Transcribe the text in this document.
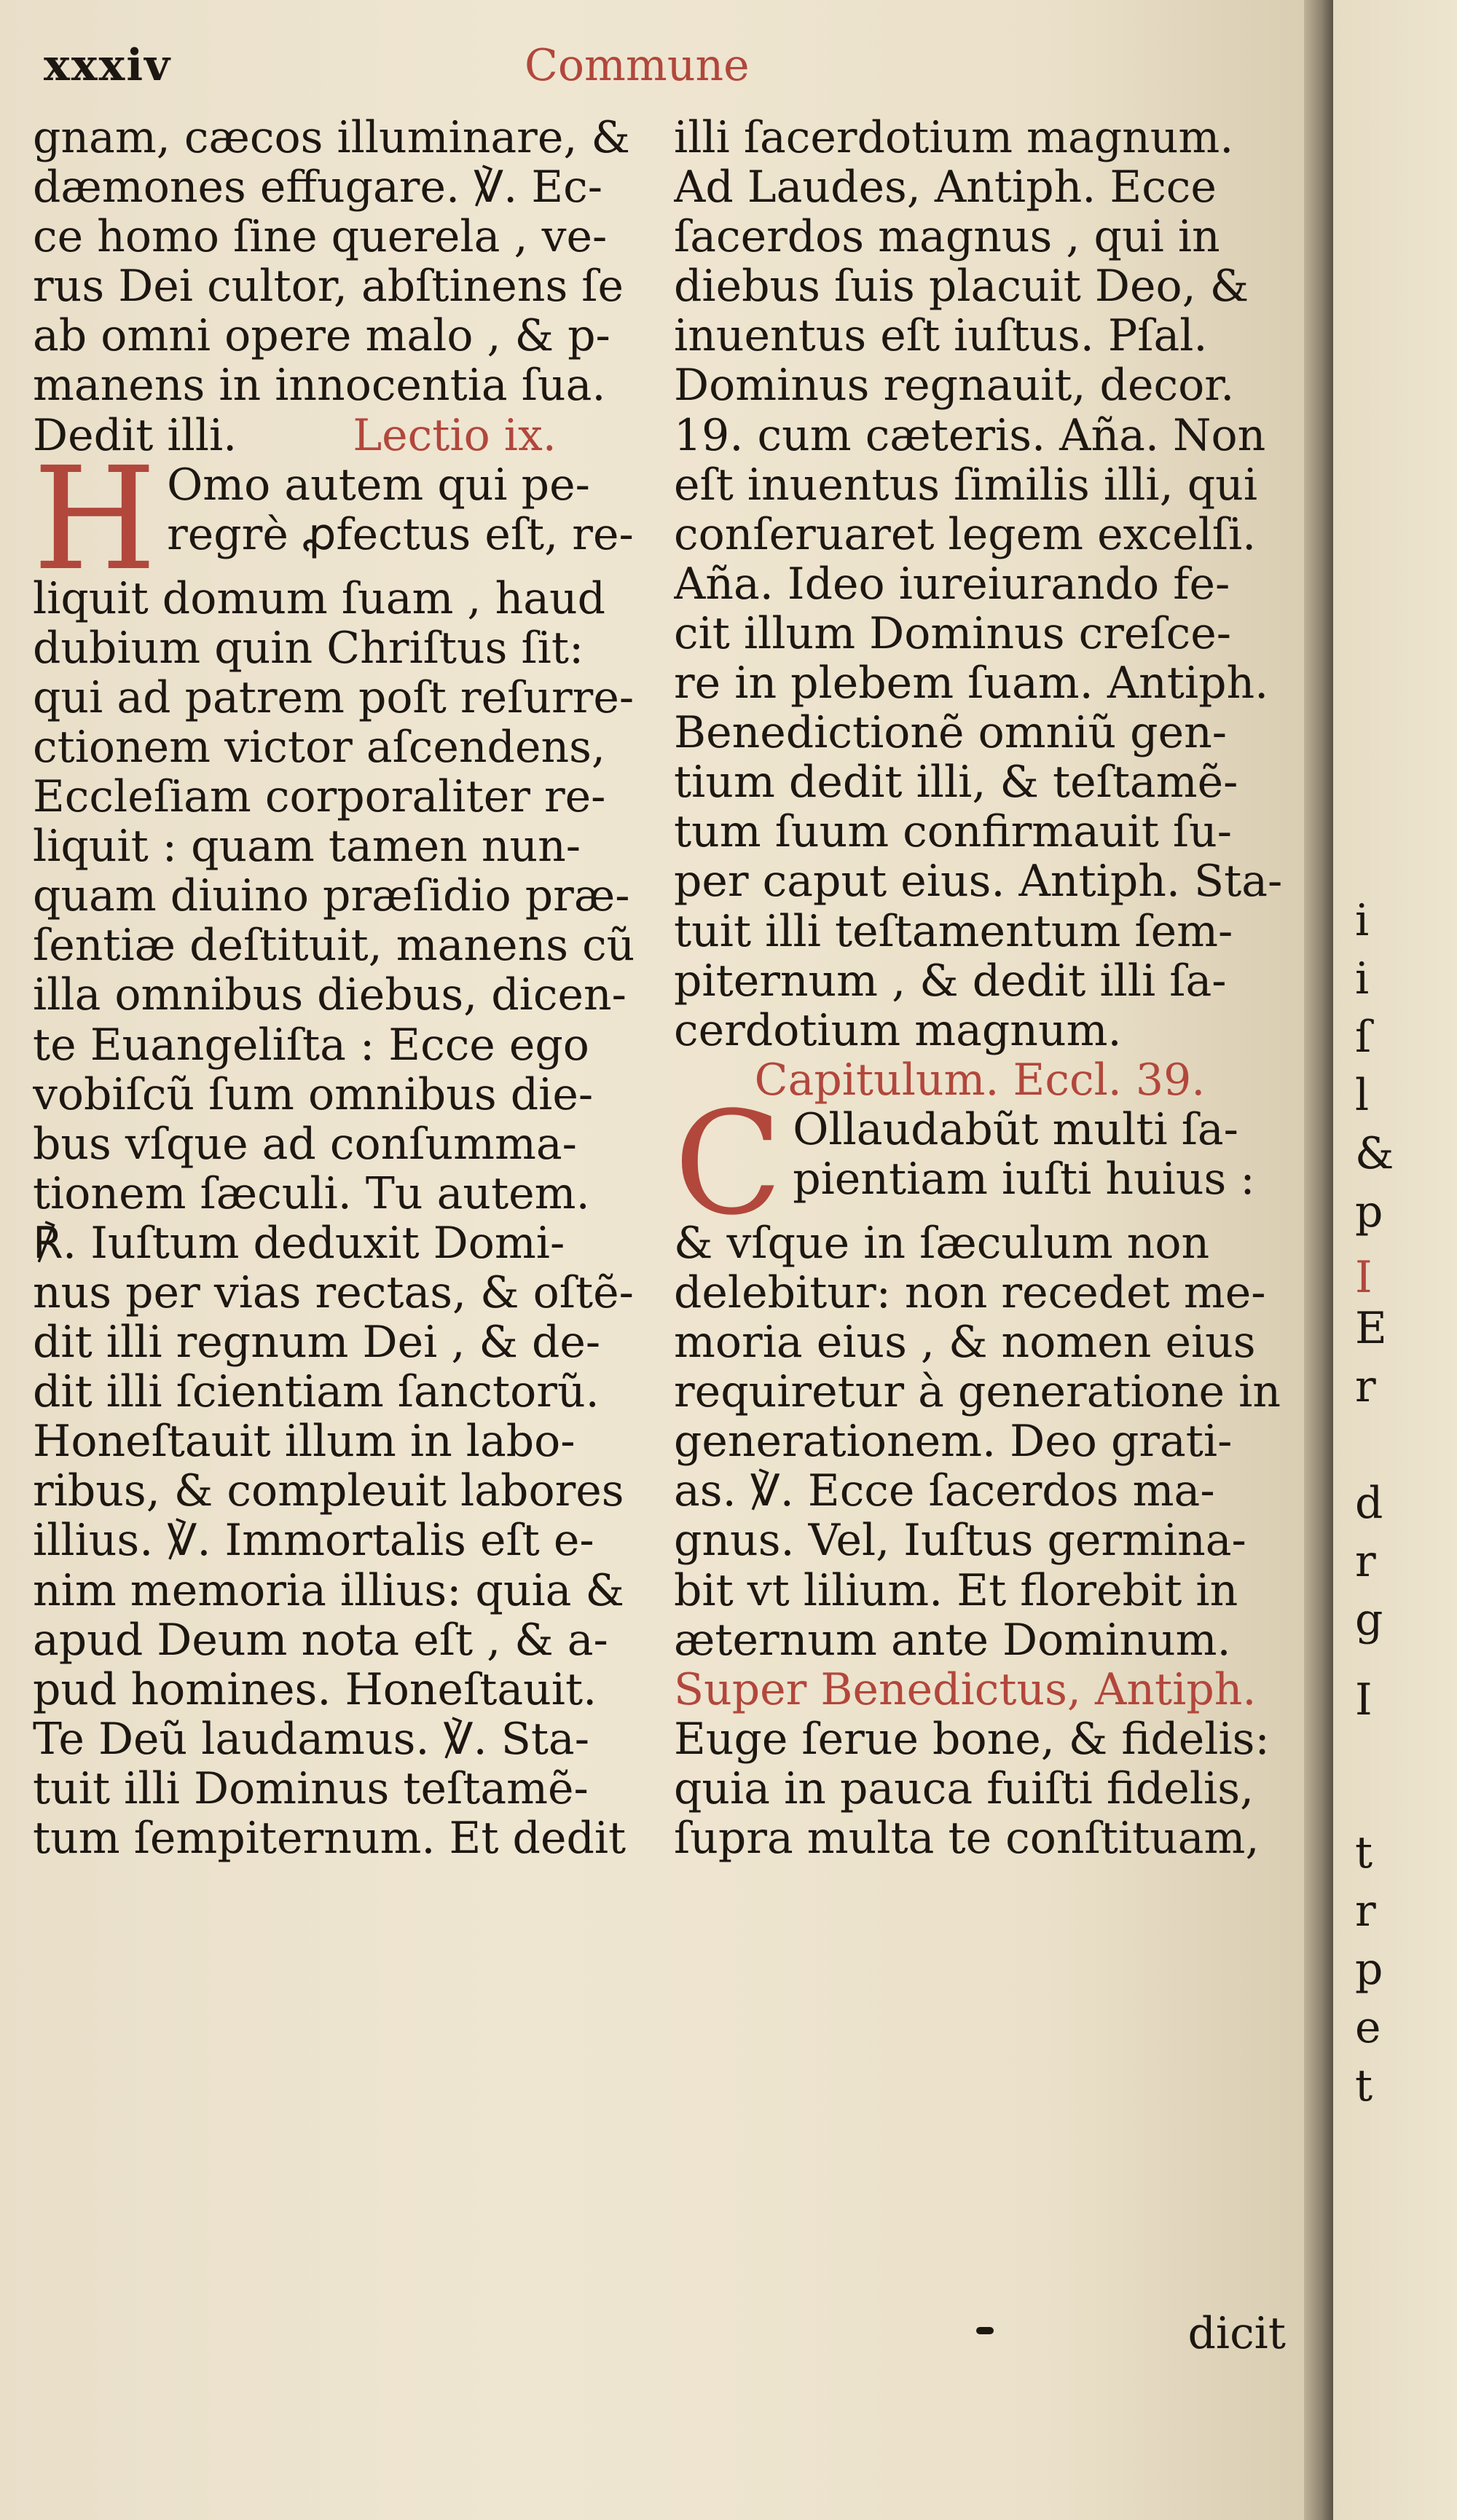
xxxiv	Commune
gnam, cæcos illuminare, &
dæmones effugare. ℣. Ec-
ce homo ſine querela , ve-
rus Dei cultor, abſtinens ſe
ab omni opere malo , & p-
manens in innocentia ſua.
Dedit illi.	Lectio ix.
H Omo autem qui pe-
regrè ꝓfectus eſt, re-
liquit domum ſuam , haud
dubium quin Chriſtus ſit:
qui ad patrem poſt reſurre-
ctionem victor aſcendens,
Eccleſiam corporaliter re-
liquit : quam tamen nun-
quam diuino præſidio præ-
ſentiæ deſtituit, manens cũ
illa omnibus diebus, dicen-
te Euangeliſta : Ecce ego
vobiſcũ ſum omnibus die-
bus vſque ad conſumma-
tionem ſæculi. Tu autem.
℟. Iuſtum deduxit Domi-
nus per vias rectas, & oſtẽ-
dit illi regnum Dei , & de-
dit illi ſcientiam ſanctorũ.
Honeſtauit illum in labo-
ribus, & compleuit labores
illius. ℣. Immortalis eſt e-
nim memoria illius: quia &
apud Deum nota eſt , & a-
pud homines. Honeſtauit.
Te Deũ laudamus. ℣. Sta-
tuit illi Dominus teſtamẽ-
tum ſempiternum. Et dedit
illi ſacerdotium magnum.
Ad Laudes, Antiph. Ecce
ſacerdos magnus , qui in
diebus ſuis placuit Deo, &
inuentus eſt iuſtus. Pſal.
Dominus regnauit, decor.
19. cum cæteris. Aña. Non
eſt inuentus ſimilis illi, qui
conſeruaret legem excelſi.
Aña. Ideo iureiurando fe-
cit illum Dominus creſce-
re in plebem ſuam. Antiph.
Benedictionẽ omniũ gen-
tium dedit illi, & teſtamẽ-
tum ſuum confirmauit ſu-
per caput eius. Antiph. Sta-
tuit illi teſtamentum ſem-
piternum , & dedit illi ſa-
cerdotium magnum.
Capitulum. Eccl. 39.
C Ollaudabũt multi ſa-
pientiam iuſti huius :
& vſque in ſæculum non
delebitur: non recedet me-
moria eius , & nomen eius
requiretur à generatione in
generationem. Deo grati-
as. ℣. Ecce ſacerdos ma-
gnus. Vel, Iuſtus germina-
bit vt lilium. Et florebit in
æternum ante Dominum.
Super Benedictus, Antiph.
Euge ſerue bone, & fidelis:
quia in pauca fuiſti fidelis,
ſupra multa te conſtituam,
dicit
i
i
ſ
l
&
p
I
E
r
d
r
g
I
t
r
p
e
t
